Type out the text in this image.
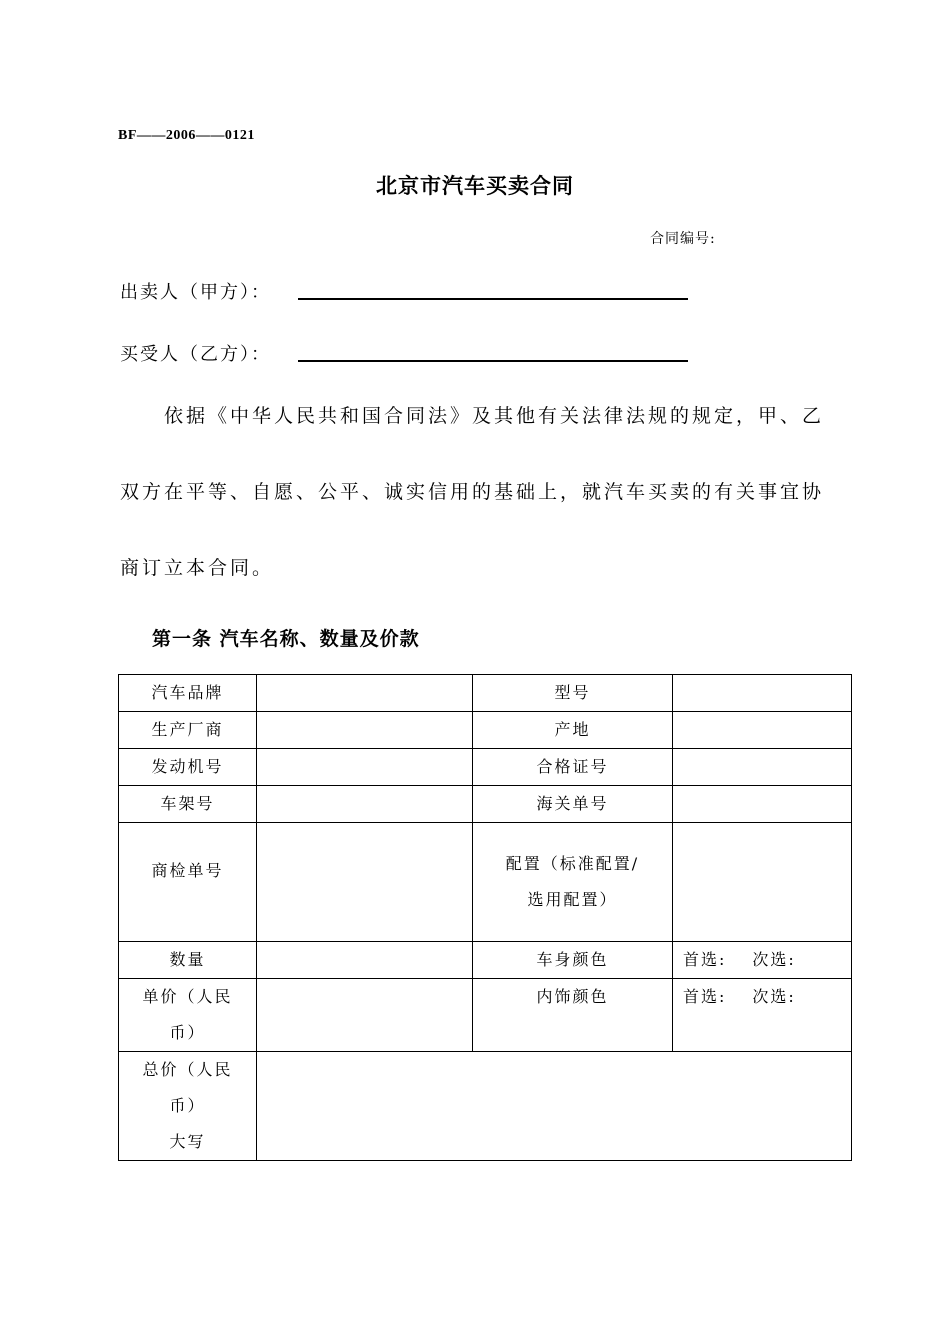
BF——2006——0121
北京市汽车买卖合同
合同编号:
出卖人（甲方）：
买受人（乙方）：
依据《中华人民共和国合同法》及其他有关法律法规的规定，甲、乙双方在平等、自愿、公平、诚实信用的基础上，就汽车买卖的有关事宜协商订立本合同。
第一条 汽车名称、数量及价款
汽车品牌		型号	
生产厂商		产地	
发动机号		合格证号	
车架号		海关单号	

商检单号		配置（标准配置/
选用配置）	

数量		车身颜色	首选: 次选:

单价（人民
币）		内饰颜色	首选: 次选:

总价（人民
币）
大写			
